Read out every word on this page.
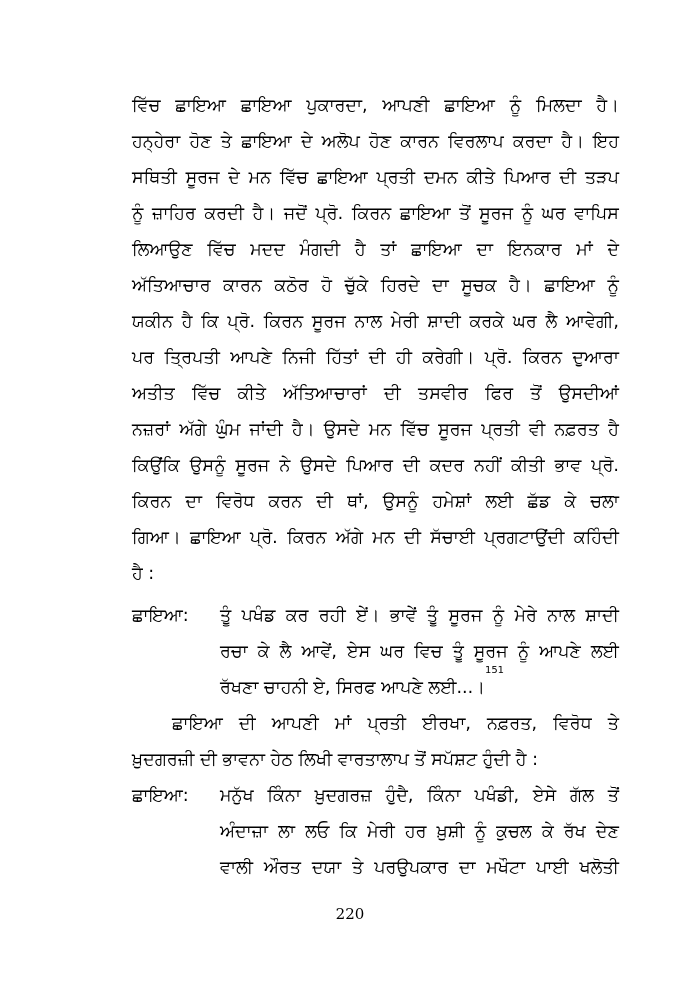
ਵਿੱਚ ਛਾਇਆ ਛਾਇਆ ਪੁਕਾਰਦਾ, ਆਪਣੀ ਛਾਇਆ ਨੂੰ ਮਿਲਦਾ ਹੈ।
ਹਨ੍ਹੇਰਾ ਹੋਣ ਤੇ ਛਾਇਆ ਦੇ ਅਲੋਪ ਹੋਣ ਕਾਰਨ ਵਿਰਲਾਪ ਕਰਦਾ ਹੈ। ਇਹ
ਸਥਿਤੀ ਸੂਰਜ ਦੇ ਮਨ ਵਿੱਚ ਛਾਇਆ ਪ੍ਰਤੀ ਦਮਨ ਕੀਤੇ ਪਿਆਰ ਦੀ ਤੜਪ
ਨੂੰ ਜ਼ਾਹਿਰ ਕਰਦੀ ਹੈ। ਜਦੋਂ ਪ੍ਰੋ. ਕਿਰਨ ਛਾਇਆ ਤੋਂ ਸੂਰਜ ਨੂੰ ਘਰ ਵਾਪਿਸ
ਲਿਆਉਣ ਵਿੱਚ ਮਦਦ ਮੰਗਦੀ ਹੈ ਤਾਂ ਛਾਇਆ ਦਾ ਇਨਕਾਰ ਮਾਂ ਦੇ
ਅੱਤਿਆਚਾਰ ਕਾਰਨ ਕਠੋਰ ਹੋ ਚੁੱਕੇ ਹਿਰਦੇ ਦਾ ਸੂਚਕ ਹੈ। ਛਾਇਆ ਨੂੰ
ਯਕੀਨ ਹੈ ਕਿ ਪ੍ਰੋ. ਕਿਰਨ ਸੂਰਜ ਨਾਲ ਮੇਰੀ ਸ਼ਾਦੀ ਕਰਕੇ ਘਰ ਲੈ ਆਵੇਗੀ,
ਪਰ ਤ੍ਰਿਪਤੀ ਆਪਣੇ ਨਿਜੀ ਹਿੱਤਾਂ ਦੀ ਹੀ ਕਰੇਗੀ। ਪ੍ਰੋ. ਕਿਰਨ ਦੁਆਰਾ
ਅਤੀਤ ਵਿੱਚ ਕੀਤੇ ਅੱਤਿਆਚਾਰਾਂ ਦੀ ਤਸਵੀਰ ਫਿਰ ਤੋਂ ਉਸਦੀਆਂ
ਨਜ਼ਰਾਂ ਅੱਗੇ ਘੁੰਮ ਜਾਂਦੀ ਹੈ। ਉਸਦੇ ਮਨ ਵਿੱਚ ਸੂਰਜ ਪ੍ਰਤੀ ਵੀ ਨਫ਼ਰਤ ਹੈ
ਕਿਉਂਕਿ ਉਸਨੂੰ ਸੂਰਜ ਨੇ ਉਸਦੇ ਪਿਆਰ ਦੀ ਕਦਰ ਨਹੀਂ ਕੀਤੀ ਭਾਵ ਪ੍ਰੋ.
ਕਿਰਨ ਦਾ ਵਿਰੋਧ ਕਰਨ ਦੀ ਥਾਂ, ਉਸਨੂੰ ਹਮੇਸ਼ਾਂ ਲਈ ਛੱਡ ਕੇ ਚਲਾ
ਗਿਆ। ਛਾਇਆ ਪ੍ਰੋ. ਕਿਰਨ ਅੱਗੇ ਮਨ ਦੀ ਸੱਚਾਈ ਪ੍ਰਗਟਾਉਂਦੀ ਕਹਿੰਦੀ
ਹੈ :
ਛਾਇਆ: ਤੂੰ ਪਖੰਡ ਕਰ ਰਹੀ ਏਂ। ਭਾਵੇਂ ਤੂੰ ਸੂਰਜ ਨੂੰ ਮੇਰੇ ਨਾਲ ਸ਼ਾਦੀ
ਰਚਾ ਕੇ ਲੈ ਆਵੇਂ, ਏਸ ਘਰ ਵਿਚ ਤੂੰ ਸੂਰਜ ਨੂੰ ਆਪਣੇ ਲਈ
ਰੱਖਣਾ ਚਾਹਨੀ ਏ, ਸਿਰਫ ਆਪਣੇ ਲਈ...।
$^{151}$
ਛਾਇਆ ਦੀ ਆਪਣੀ ਮਾਂ ਪ੍ਰਤੀ ਈਰਖਾ, ਨਫ਼ਰਤ, ਵਿਰੋਧ ਤੇ
ਖ਼ੁਦਗਰਜ਼ੀ ਦੀ ਭਾਵਨਾ ਹੇਠ ਲਿਖੀ ਵਾਰਤਾਲਾਪ ਤੋਂ ਸਪੱਸ਼ਟ ਹੁੰਦੀ ਹੈ :
ਛਾਇਆ: ਮਨੁੱਖ ਕਿੰਨਾ ਖ਼ੁਦਗਰਜ਼ ਹੁੰਦੈ, ਕਿੰਨਾ ਪਖੰਡੀ, ਏਸੇ ਗੱਲ ਤੋਂ
ਅੰਦਾਜ਼ਾ ਲਾ ਲਓ ਕਿ ਮੇਰੀ ਹਰ ਖ਼ੁਸ਼ੀ ਨੂੰ ਕੁਚਲ ਕੇ ਰੱਖ ਦੇਣ
ਵਾਲੀ ਔਰਤ ਦਯਾ ਤੇ ਪਰਉਪਕਾਰ ਦਾ ਮਖੌਟਾ ਪਾਈ ਖਲੋਤੀ
220
